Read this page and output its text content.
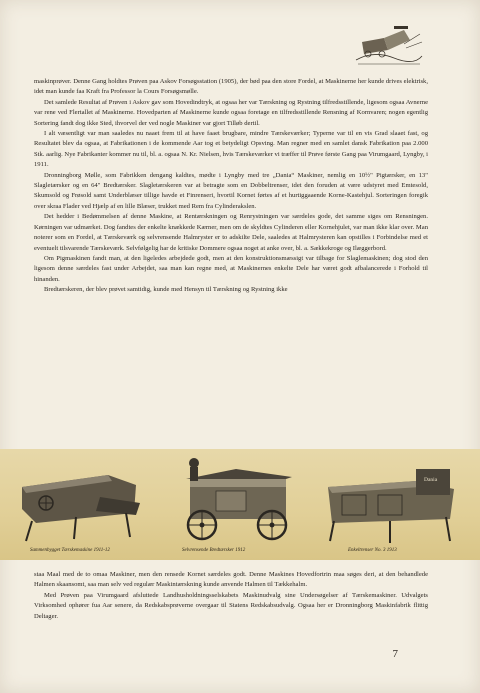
maskinprøver. Denne Gang holdtes Prøven paa Askov Forsøgsstation (1905), der bød paa den store Fordel, at Maskinerne her kunde drives elektrisk, idet man kunde faa Kraft fra Professor la Cours Forsøgsmølle.

Det samlede Resultat af Prøven i Askov gav som Hovedindtryk, at ogsaa her var Tærskning og Rystning tilfredsstillende, ligesom ogsaa Avnerne var rene ved Flertallet af Maskinerne. Hovedparten af Maskinerne kunde ogsaa foretage en tilfredsstillende Rensning af Kornvaren; nogen egentlig Sortering fandt dog ikke Sted, ihvorvel der ved nogle Maskiner var gjort Tilløb dertil.

I alt væsentligt var man saaledes nu naaet frem til at have faaet brugbare, mindre Tærskeværker; Typerne var til en vis Grad slaaet fast, og Resultatet blev da ogsaa, at Fabrikationen i de kommende Aar tog et betydeligt Opsving. Man regner med en samlet dansk Fabrikation paa 2.000 Stk. aarlig. Nye Fabrikanter kommer nu til, bl. a. ogsaa N. Kr. Nielsen, hvis Tærskeværker vi træffer til Prøve første Gang paa Virumgaard, Lyngby, i 1911.

Dronningborg Mølle, som Fabrikken dengang kaldtes, mødte i Lyngby med tre „Dania“ Maskiner, nemlig en 10½" Pigtærsker, en 13" Slagletærsker og en 64" Bredtærsker. Slagletærskeren var at betragte som en Dobbeltrenser, idet den foruden at være udstyret med Emtesold, Skumsold og Frøsold samt Underblæser tillige havde et Finrenseri, hvortil Kornet førtes af et hurtiggaaende Korne-Kastehjul. Sorteringen foregik over skraa Flader ved Hjælp af en lille Blæser, trukket med Rem fra Cylinderakslen.

Det hedder i Bedømmelsen af denne Maskine, at Rentærskningen og Renrystningen var særdeles gode, det samme siges om Rensningen. Kørningen var udmærket. Dog fandtes der enkelte knækkede Kærner, men om de skyldtes Cylinderen eller Kornehjulet, var man ikke klar over. Man noterer som en Fordel, at Tærskeværk og selvrensende Halmryster er to adskilte Dele, saaledes at Halmrysteren kan opstilles i Forbindelse med et eventuelt tilsvarende Tærskeværk. Selvfølgelig har de kritiske Dommere ogsaa noget at anke over, bl. a. Sækkekroge og Ilæggerbord.

Om Pigmaskinen fandt man, at den ligeledes arbejdede godt, men at den konstruktionsmæssigt var tilbage for Slaglemaskinen; dog stod den ligesom denne særdeles fast under Arbejdet, saa man kan regne med, at Maskinernes enkelte Dele har været godt afbalancerede i Forhold til hinanden.

Bredtærskeren, der blev prøvet samtidig, kunde med Hensyn til Tærskning og Rystning ikke

Dania
Sammenbygget Tærskemaskine 1911-12	Selvrensende Bredtærsker 1912	Enkeltrenser No. 3 1913

staa Maal med de to omaa Maskiner, men den rensede Kornet særdeles godt. Denne Maskines Hovedfortrin maa søges deri, at den behandlede Halmen skaansomt, saa man selv ved regulær Maskintærskning kunde anvende Halmen til Tækkehalm.

Med Prøven paa Virumgaard afsluttede Landhusholdningsselskabets Maskinudvalg sine Undersøgelser af Tærskemaskiner. Udvalgets Virksomhed ophører fua Aar senere, da Redskabsprøverne overgaar til Statens Redskabsudvalg. Ogsaa her er Dronningborg Maskinfabrik flittig Deltager.

7
